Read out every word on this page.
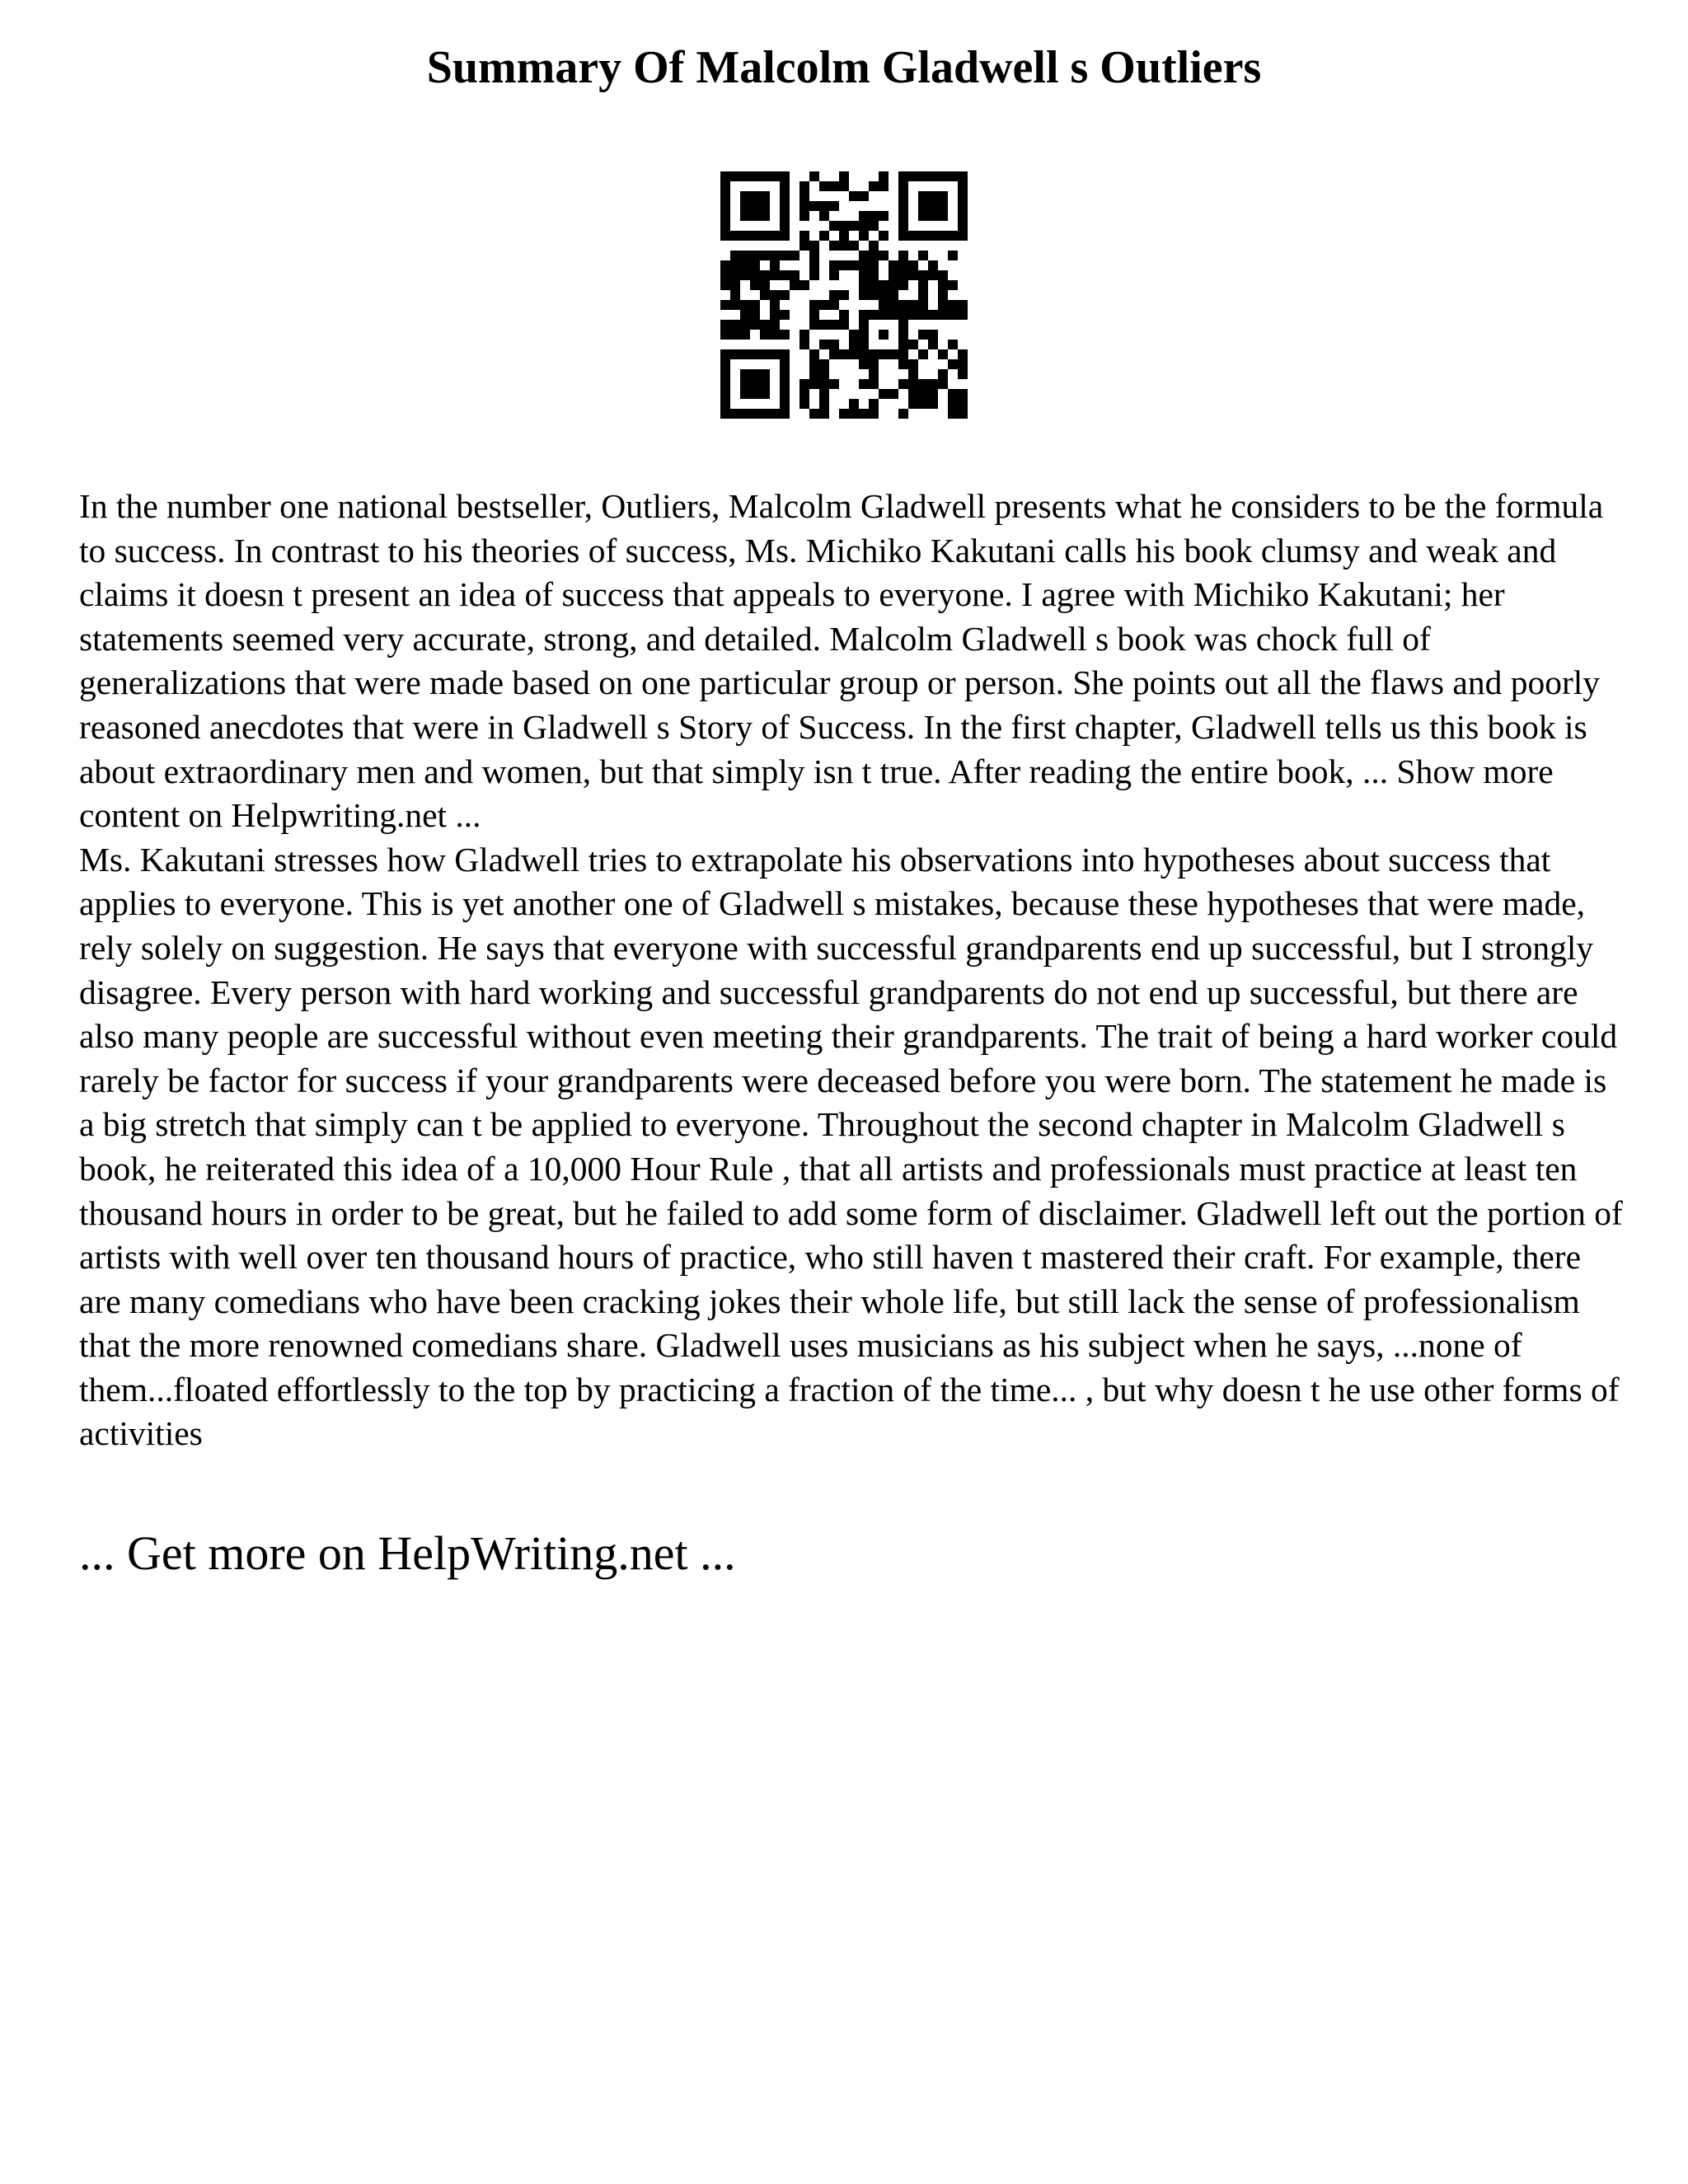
Summary Of Malcolm Gladwell s Outliers

In the number one national bestseller, Outliers, Malcolm Gladwell presents what he considers to be the formula to success. In contrast to his theories of success, Ms. Michiko Kakutani calls his book clumsy and weak and claims it doesn t present an idea of success that appeals to everyone. I agree with Michiko Kakutani; her statements seemed very accurate, strong, and detailed. Malcolm Gladwell s book was chock full of generalizations that were made based on one particular group or person. She points out all the flaws and poorly reasoned anecdotes that were in Gladwell s Story of Success. In the first chapter, Gladwell tells us this book is about extraordinary men and women, but that simply isn t true. After reading the entire book, ... Show more content on Helpwriting.net ...

Ms. Kakutani stresses how Gladwell tries to extrapolate his observations into hypotheses about success that applies to everyone. This is yet another one of Gladwell s mistakes, because these hypotheses that were made, rely solely on suggestion. He says that everyone with successful grandparents end up successful, but I strongly disagree. Every person with hard working and successful grandparents do not end up successful, but there are also many people are successful without even meeting their grandparents. The trait of being a hard worker could rarely be factor for success if your grandparents were deceased before you were born. The statement he made is a big stretch that simply can t be applied to everyone. Throughout the second chapter in Malcolm Gladwell s book, he reiterated this idea of a 10,000 Hour Rule , that all artists and professionals must practice at least ten thousand hours in order to be great, but he failed to add some form of disclaimer. Gladwell left out the portion of artists with well over ten thousand hours of practice, who still haven t mastered their craft. For example, there are many comedians who have been cracking jokes their whole life, but still lack the sense of professionalism that the more renowned comedians share. Gladwell uses musicians as his subject when he says, ...none of them...floated effortlessly to the top by practicing a fraction of the time... , but why doesn t he use other forms of activities

... Get more on HelpWriting.net ...
